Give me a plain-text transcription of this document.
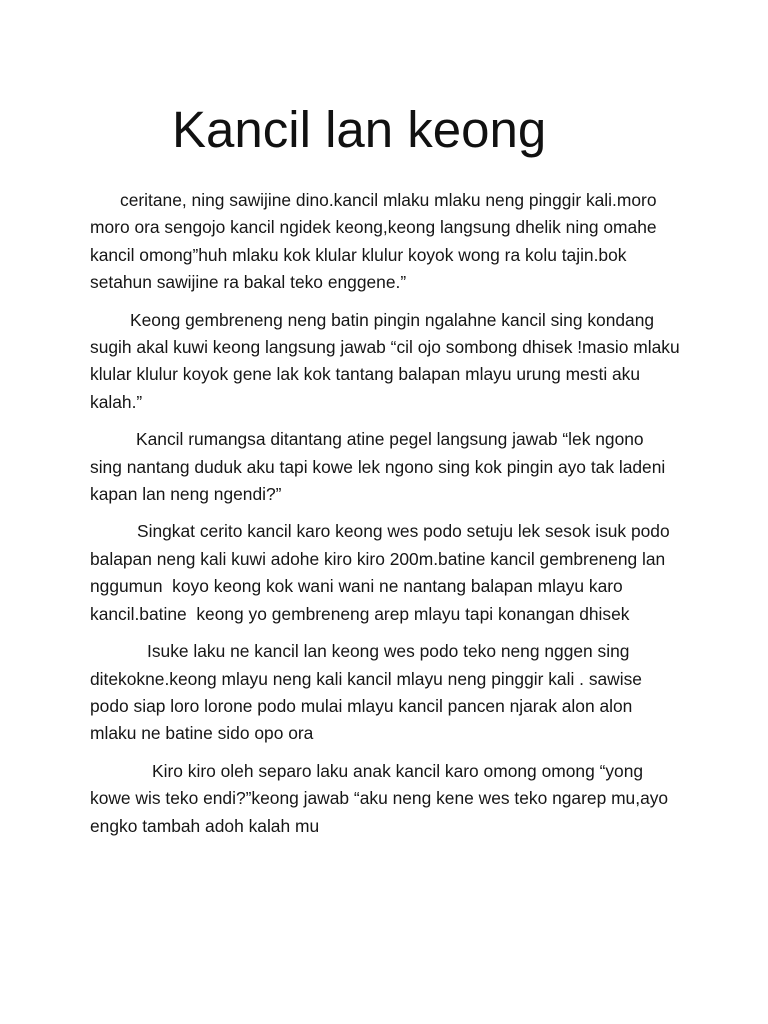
Kancil lan keong

ceritane, ning sawijine dino.kancil mlaku mlaku neng pinggir kali.moro moro ora sengojo kancil ngidek keong,keong langsung dhelik ning omahe kancil omong”huh mlaku kok klular klulur koyok wong ra kolu tajin.bok setahun sawijine ra bakal teko enggene.”

Keong gembreneng neng batin pingin ngalahne kancil sing kondang sugih akal kuwi keong langsung jawab “cil ojo sombong dhisek !masio mlaku klular klulur koyok gene lak kok tantang balapan mlayu urung mesti aku kalah.”

Kancil rumangsa ditantang atine pegel langsung jawab “lek ngono sing nantang duduk aku tapi kowe lek ngono sing kok pingin ayo tak ladeni kapan lan neng ngendi?”

Singkat cerito kancil karo keong wes podo setuju lek sesok isuk podo balapan neng kali kuwi adohe kiro kiro 200m.batine kancil gembreneng lan nggumun  koyo keong kok wani wani ne nantang balapan mlayu karo kancil.batine  keong yo gembreneng arep mlayu tapi konangan dhisek

Isuke laku ne kancil lan keong wes podo teko neng nggen sing ditekokne.keong mlayu neng kali kancil mlayu neng pinggir kali . sawise podo siap loro lorone podo mulai mlayu kancil pancen njarak alon alon mlaku ne batine sido opo ora

Kiro kiro oleh separo laku anak kancil karo omong omong “yong kowe wis teko endi?”keong jawab “aku neng kene wes teko ngarep mu,ayo engko tambah adoh kalah mu
